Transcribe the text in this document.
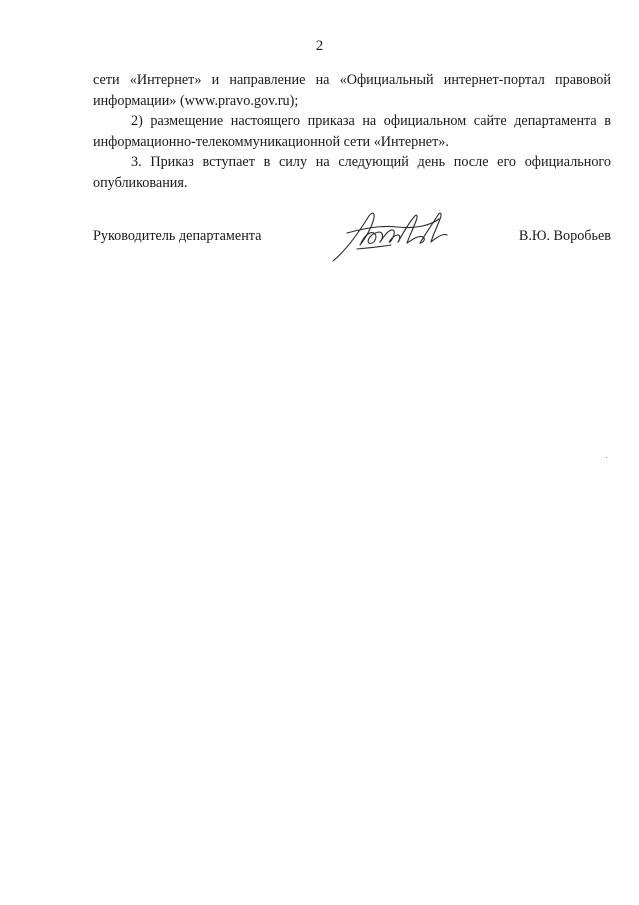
2

сети «Интернет» и направление на «Официальный интернет-портал правовой
информации» (www.pravo.gov.ru);

2) размещение настоящего приказа на официальном сайте департамента в
информационно-телекоммуникационной сети «Интернет».

3. Приказ вступает в силу на следующий день после его официального
опубликования.

Руководитель департамента	В.Ю. Воробьев
